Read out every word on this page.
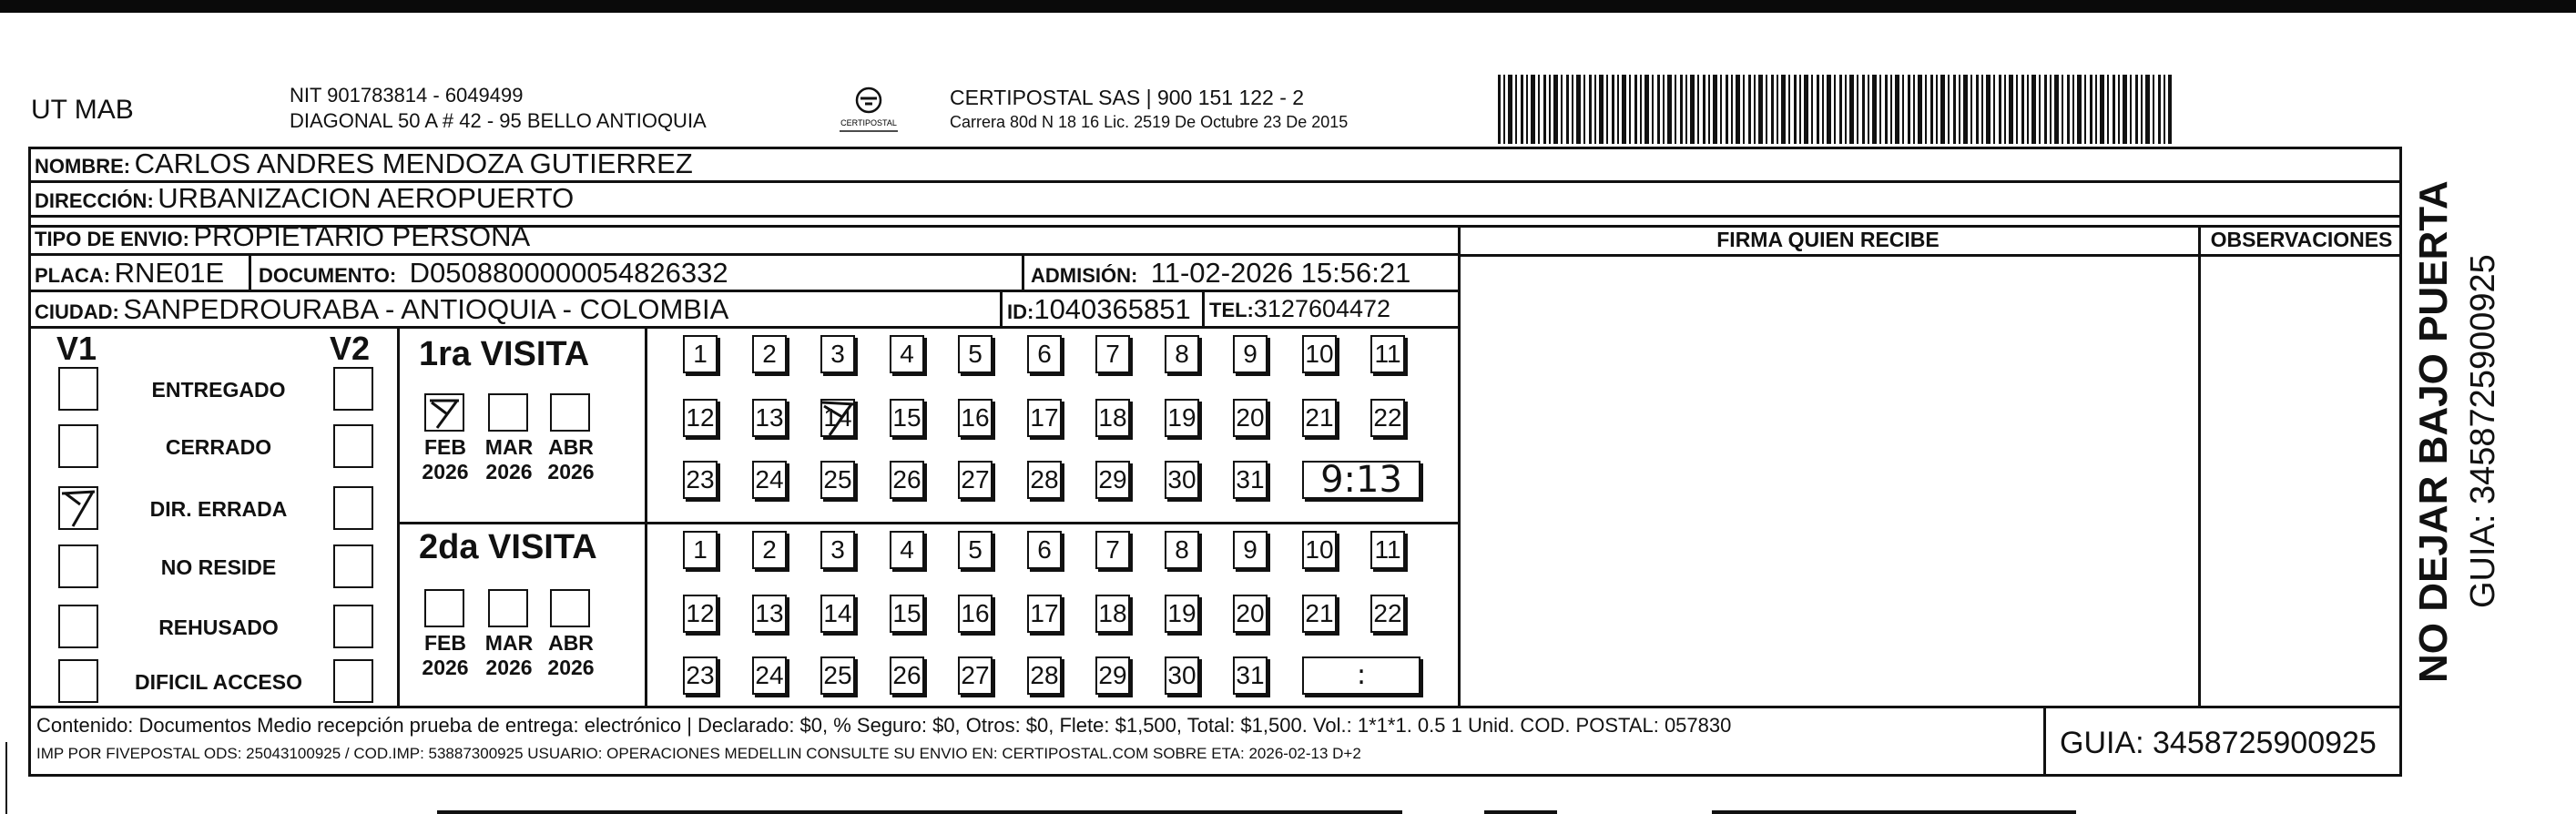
UT MAB	NIT 901783814 - 6049499
DIAGONAL 50 A # 42 - 95 BELLO ANTIOQUIA	CERTIPOSTAL
CERTIPOSTAL SAS | 900 151 122 - 2
Carrera 80d N 18 16 Lic. 2519 De Octubre 23 De 2015
NOMBRE: CARLOS ANDRES MENDOZA GUTIERREZ
DIRECCIÓN: URBANIZACION AEROPUERTO
TIPO DE ENVIO: PROPIETARIO PERSONA
PLACA: RNE01E DOCUMENTO: D0508800000054826332	ADMISIÓN: 11-02-2026 15:56:21
CIUDAD: SANPEDROURABA - ANTIOQUIA - COLOMBIA	ID:1040365851 TEL:3127604472
FIRMA QUIEN RECIBE	OBSERVACIONES
V1	V2
ENTREGADO
CERRADO
DIR. ERRADA
NO RESIDE
REHUSADO
DIFICIL ACCESO
1ra VISITA
2da VISITA
FEB
2026
MAR
2026
ABR
2026
1	2	3	4	5	6	7	8	9	10 11
12 13 14 15 16 17 18 19 20 21 22
23 24 25 26 27 28 29 30 31	9:13
FEB
2026
MAR
2026
ABR
2026
1	2	3	4	5	6	7	8	9	10 11
12 13 14 15 16 17 18 19 20 21 22
23 24 25 26 27 28 29 30 31	:
Contenido: Documentos Medio recepción prueba de entrega: electrónico | Declarado: $0, % Seguro: $0, Otros: $0, Flete: $1,500, Total: $1,500. Vol.: 1*1*1. 0.5 1 Unid. COD. POSTAL: 057830
IMP POR FIVEPOSTAL ODS: 25043100925 / COD.IMP: 53887300925 USUARIO: OPERACIONES MEDELLIN CONSULTE SU ENVIO EN: CERTIPOSTAL.COM SOBRE ETA: 2026-02-13 D+2	GUIA: 3458725900925
NO DEJAR BAJO PUERTA GUIA: 3458725900925
